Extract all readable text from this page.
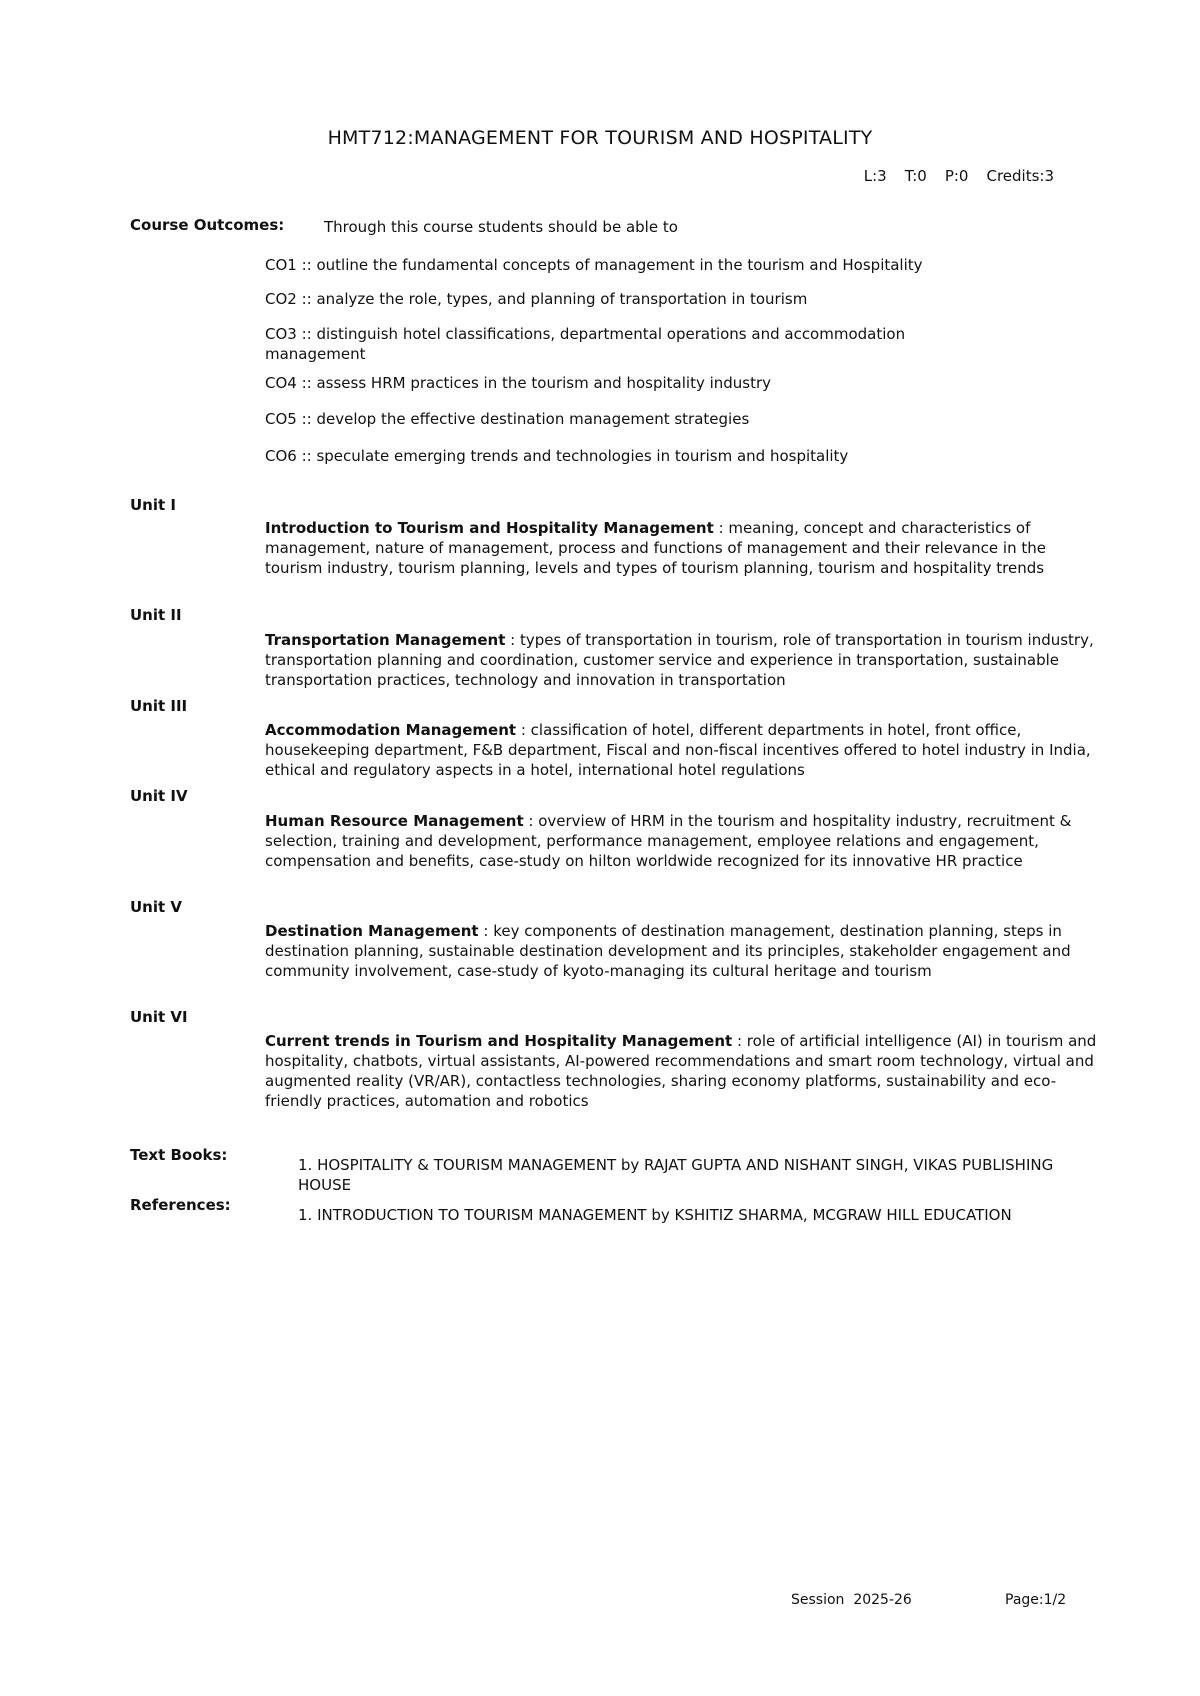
HMT712:MANAGEMENT FOR TOURISM AND HOSPITALITY
L:3 T:0 P:0 Credits:3
Course Outcomes:	Through this course students should be able to
CO1 :: outline the fundamental concepts of management in the tourism and Hospitality
CO2 :: analyze the role, types, and planning of transportation in tourism
CO3 :: distinguish hotel classifications, departmental operations and accommodation management
CO4 :: assess HRM practices in the tourism and hospitality industry
CO5 :: develop the effective destination management strategies
CO6 :: speculate emerging trends and technologies in tourism and hospitality
Unit I
Introduction to Tourism and Hospitality Management : meaning, concept and characteristics of management, nature of management, process and functions of management and their relevance in the tourism industry, tourism planning, levels and types of tourism planning, tourism and hospitality trends
Unit II
Transportation Management : types of transportation in tourism, role of transportation in tourism industry, transportation planning and coordination, customer service and experience in transportation, sustainable transportation practices, technology and innovation in transportation
Unit III
Accommodation Management : classification of hotel, different departments in hotel, front office, housekeeping department, F&B department, Fiscal and non-fiscal incentives offered to hotel industry in India, ethical and regulatory aspects in a hotel, international hotel regulations
Unit IV
Human Resource Management : overview of HRM in the tourism and hospitality industry, recruitment & selection, training and development, performance management, employee relations and engagement, compensation and benefits, case-study on hilton worldwide recognized for its innovative HR practice
Unit V
Destination Management : key components of destination management, destination planning, steps in destination planning, sustainable destination development and its principles, stakeholder engagement and community involvement, case-study of kyoto-managing its cultural heritage and tourism
Unit VI
Current trends in Tourism and Hospitality Management : role of artificial intelligence (AI) in tourism and hospitality, chatbots, virtual assistants, AI-powered recommendations and smart room technology, virtual and augmented reality (VR/AR), contactless technologies, sharing economy platforms, sustainability and eco-friendly practices, automation and robotics
Text Books:
1. HOSPITALITY & TOURISM MANAGEMENT by RAJAT GUPTA AND NISHANT SINGH, VIKAS PUBLISHING HOUSE
References:
1. INTRODUCTION TO TOURISM MANAGEMENT by KSHITIZ SHARMA, MCGRAW HILL EDUCATION
Session  2025-26	Page:1/2
